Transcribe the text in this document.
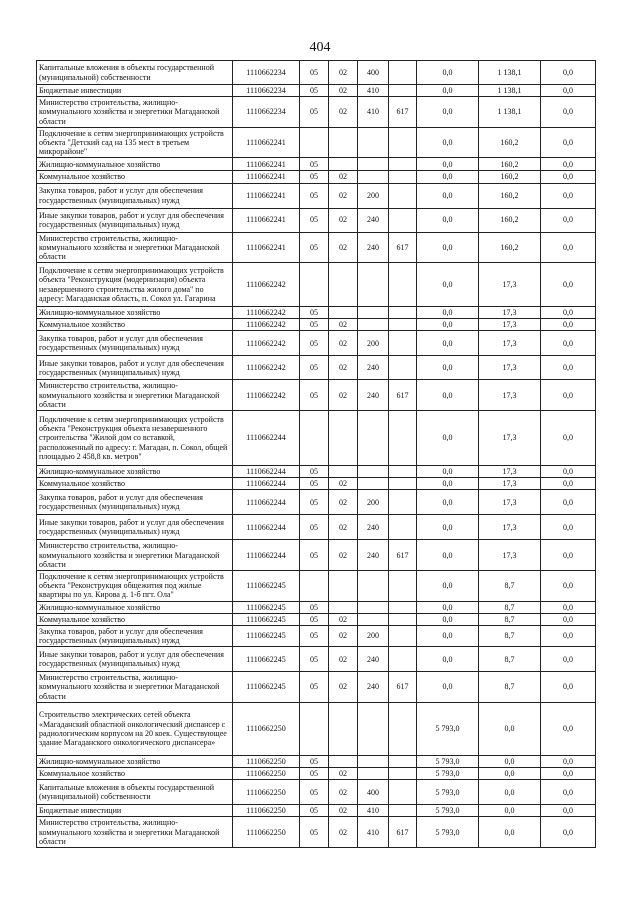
404
Капитальные вложения в объекты государственной (муниципальной) собственности	1110662234	05	02	400		0,0	1 138,1	0,0
Бюджетные инвестиции	1110662234	05	02	410		0,0	1 138,1	0,0
Министерство строительства, жилищно-коммунального хозяйства и энергетики Магаданской области	1110662234	05	02	410	617	0,0	1 138,1	0,0
Подключение к сетям энергопринимающих устройств объекта "Детский сад на 135 мест в третьем микрорайоне"	1110662241					0,0	160,2	0,0
Жилищно-коммунальное хозяйство	1110662241	05				0,0	160,2	0,0
Коммунальное хозяйство	1110662241	05	02			0,0	160,2	0,0
Закупка товаров, работ и услуг для обеспечения государственных (муниципальных) нужд	1110662241	05	02	200		0,0	160,2	0,0
Иные закупки товаров, работ и услуг для обеспечения государственных (муниципальных) нужд	1110662241	05	02	240		0,0	160,2	0,0
Министерство строительства, жилищно-коммунального хозяйства и энергетики Магаданской области	1110662241	05	02	240	617	0,0	160,2	0,0
Подключение к сетям энергопринимающих устройств объекта "Реконструкция (модернизация) объекта незавершенного строительства жилого дома" по адресу: Магаданская область, п. Сокол ул. Гагарина	1110662242					0,0	17,3	0,0
Жилищно-коммунальное хозяйство	1110662242	05				0,0	17,3	0,0
Коммунальное хозяйство	1110662242	05	02			0,0	17,3	0,0
Закупка товаров, работ и услуг для обеспечения государственных (муниципальных) нужд	1110662242	05	02	200		0,0	17,3	0,0
Иные закупки товаров, работ и услуг для обеспечения государственных (муниципальных) нужд	1110662242	05	02	240		0,0	17,3	0,0
Министерство строительства, жилищно-коммунального хозяйства и энергетики Магаданской области	1110662242	05	02	240	617	0,0	17,3	0,0
Подключение к сетям энергопринимающих устройств объекта "Реконструкция объекта незавершенного строительства "Жилой дом со вставкой, расположенный по адресу: г. Магадан, п. Сокол, общей площадью 2 458,8 кв. метров"	1110662244					0,0	17,3	0,0
Жилищно-коммунальное хозяйство	1110662244	05				0,0	17,3	0,0
Коммунальное хозяйство	1110662244	05	02			0,0	17,3	0,0
Закупка товаров, работ и услуг для обеспечения государственных (муниципальных) нужд	1110662244	05	02	200		0,0	17,3	0,0
Иные закупки товаров, работ и услуг для обеспечения государственных (муниципальных) нужд	1110662244	05	02	240		0,0	17,3	0,0
Министерство строительства, жилищно-коммунального хозяйства и энергетики Магаданской области	1110662244	05	02	240	617	0,0	17,3	0,0
Подключение к сетям энергопринимающих устройств объекта "Реконструкция общежития под жилые квартиры по ул. Кирова д. 1-б пгт. Ола"	1110662245					0,0	8,7	0,0
Жилищно-коммунальное хозяйство	1110662245	05				0,0	8,7	0,0
Коммунальное хозяйство	1110662245	05	02			0,0	8,7	0,0
Закупка товаров, работ и услуг для обеспечения государственных (муниципальных) нужд	1110662245	05	02	200		0,0	8,7	0,0
Иные закупки товаров, работ и услуг для обеспечения государственных (муниципальных) нужд	1110662245	05	02	240		0,0	8,7	0,0
Министерство строительства, жилищно-коммунального хозяйства и энергетики Магаданской области	1110662245	05	02	240	617	0,0	8,7	0,0
Строительство электрических сетей объекта «Магаданский областной онкологический диспансер с радиологическим корпусом на 20 коек. Существующее здание Магаданского онкологического диспансера»	1110662250					5 793,0	0,0	0,0
Жилищно-коммунальное хозяйство	1110662250	05				5 793,0	0,0	0,0
Коммунальное хозяйство	1110662250	05	02			5 793,0	0,0	0,0
Капитальные вложения в объекты государственной (муниципальной) собственности	1110662250	05	02	400		5 793,0	0,0	0,0
Бюджетные инвестиции	1110662250	05	02	410		5 793,0	0,0	0,0
Министерство строительства, жилищно-коммунального хозяйства и энергетики Магаданской области	1110662250	05	02	410	617	5 793,0	0,0	0,0
